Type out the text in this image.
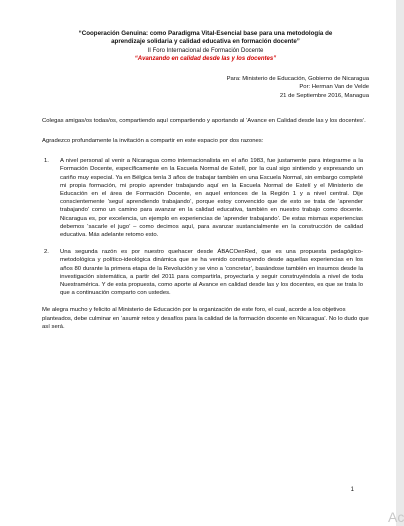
“Cooperación Genuina: como Paradigma Vital-Esencial base para una metodología de

aprendizaje solidaria y calidad educativa en formación docente”

II Foro Internacional de Formación Docente

“Avanzando en calidad desde las y los docentes”

Para: Ministerio de Educación, Gobierno de Nicaragua
Por: Herman Van de Velde
21 de Septiembre 2016, Managua

Colegas amigas/os todas/os, compartiendo aquí compartiendo y aportando al ‘Avance en Calidad desde las y los docentes’.

Agradezco profundamente la invitación a compartir en este espacio por dos razones:

1.	A nivel personal al venir a Nicaragua como internacionalista en el año 1983, fue justamente para integrarme a la Formación Docente, específicamente en la Escuela Normal de Estelí, por la cual sigo sintiendo y expresando un cariño muy especial. Ya en Bélgica tenía 3 años de trabajar también en una Escuela Normal, sin embargo completé mi propia formación, mi propio aprender trabajando aquí en la Escuela Normal de Estelí y el Ministerio de Educación en el área de Formación Docente, en aquel entonces de la Región 1 y a nivel central. Dije conscientemente ‘seguí aprendiendo trabajando’, porque estoy convencido que de esto se trata de ‘aprender trabajando’ como un camino para avanzar en la calidad educativa, también en nuestro trabajo como docente. Nicaragua es, por excelencia, un ejemplo en experiencias de ‘aprender trabajando’. De estas mismas experiencias debemos ‘sacarle el jugo’ – como decimos aquí, para avanzar sustancialmente en la construcción de calidad educativa. Más adelante retomo esto.
2.	Una segunda razón es por nuestro quehacer desde ÁBACOenRed, que es una propuesta pedagógico-metodológica y político-ideológica dinámica que se ha venido construyendo desde aquellas experiencias en los años 80 durante la primera etapa de la Revolución y se vino a ‘concretar’, basándose también en insumos desde la investigación sistemática, a partir del 2011 para compartirla, proyectarla y seguir construyéndola a nivel de toda Nuestramérica. Y de esta propuesta, como aporte al Avance en calidad desde las y los docentes, es que se trata lo que a continuación comparto con ustedes.

Me alegra mucho y felicito al Ministerio de Educación por la organización de este foro, el cual, acorde a los objetivos planteados, debe culminar en ‘asumir retos y desafíos para la calidad de la formación docente en Nicaragua’. No lo dudo que así será.

1
Ac
